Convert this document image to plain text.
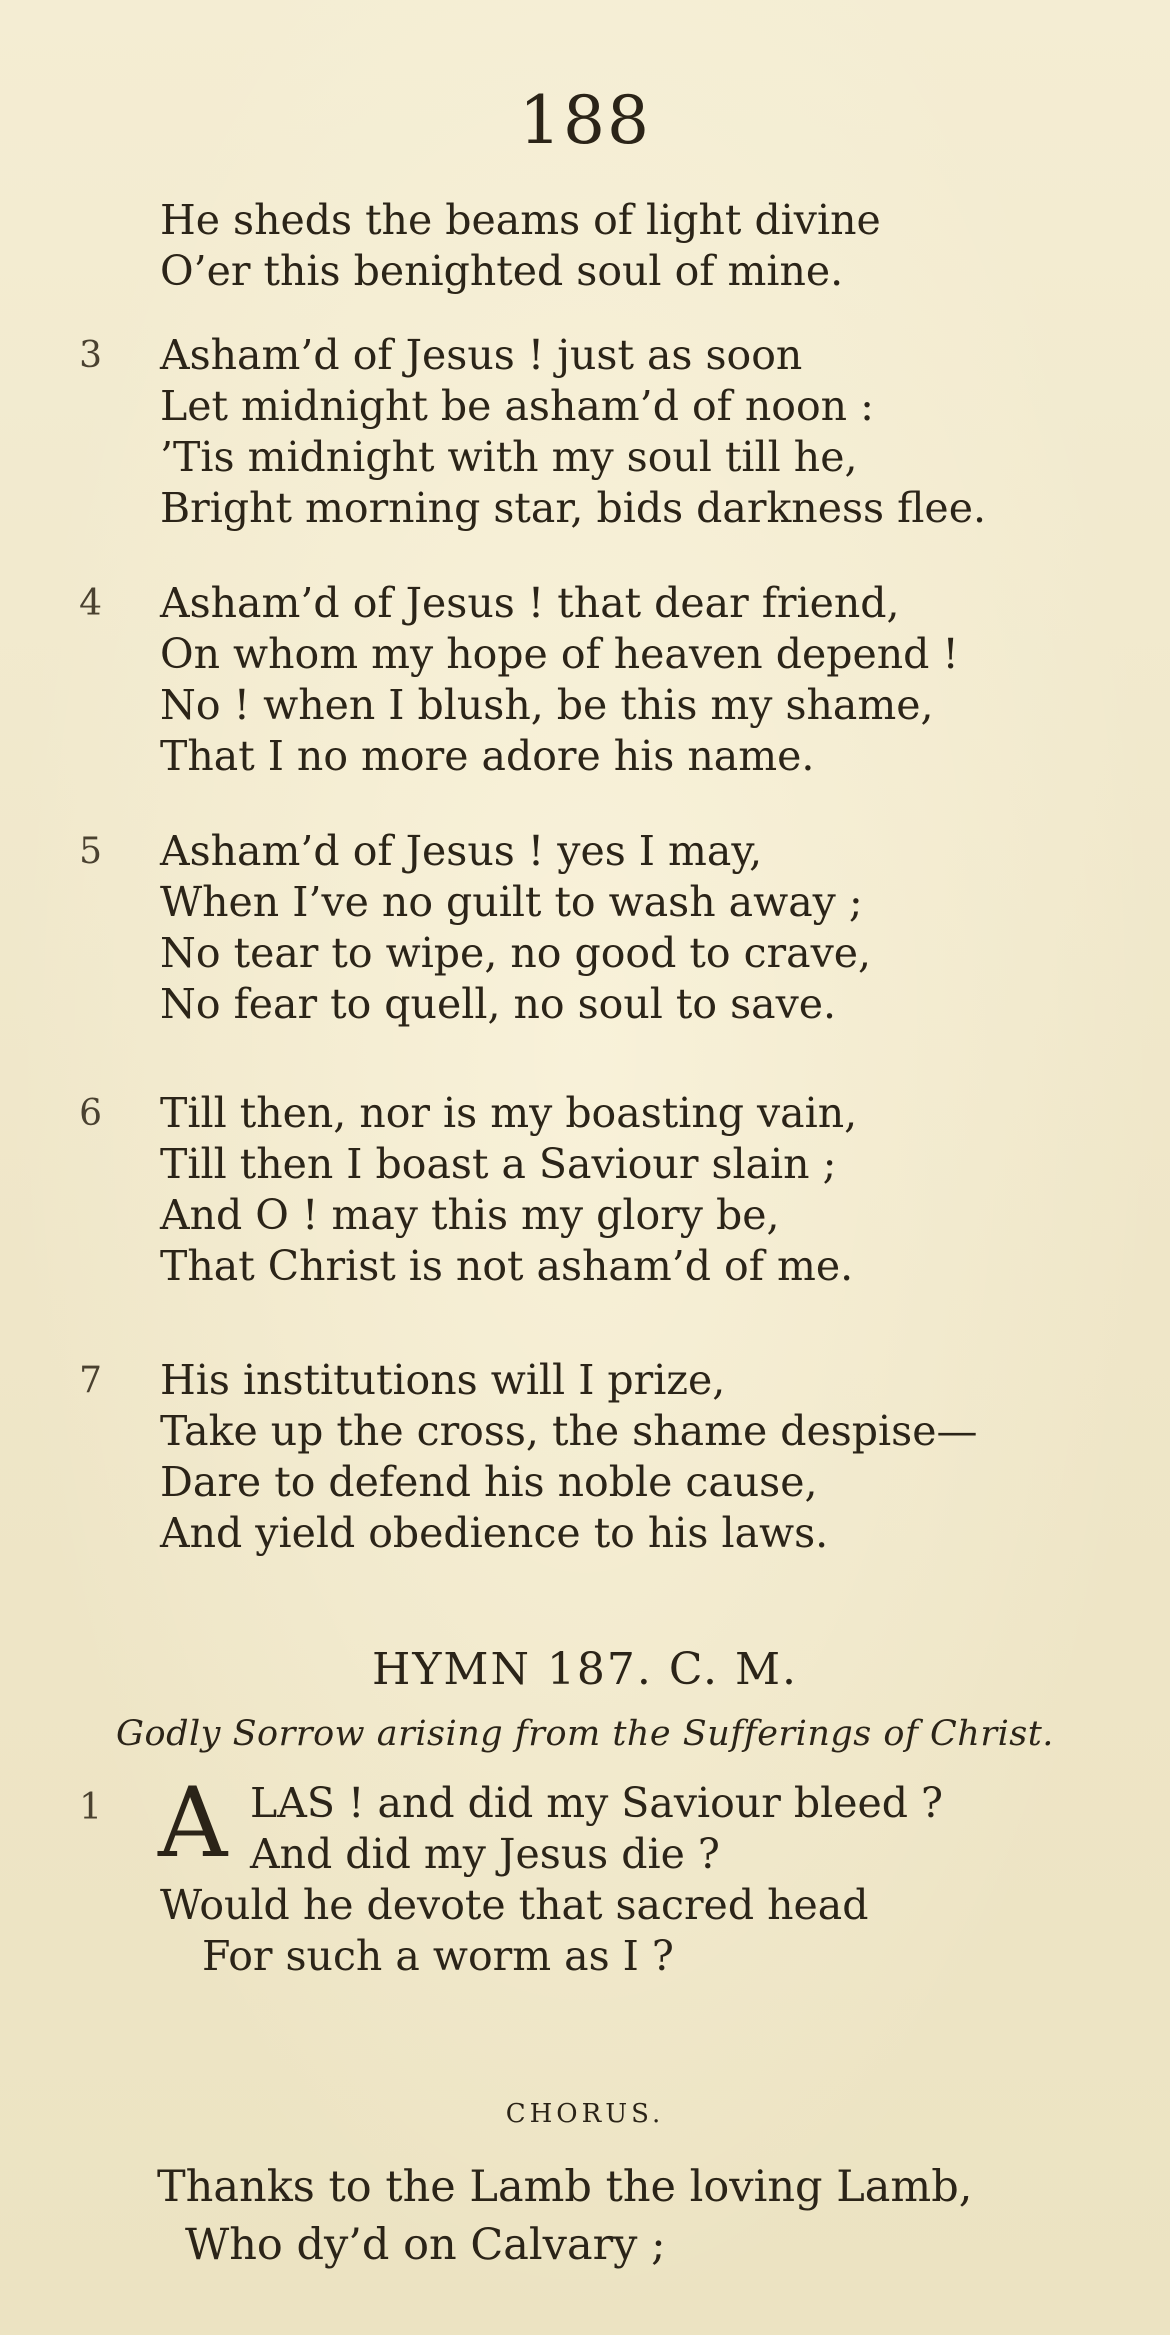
188
He sheds the beams of light divine
O’er this benighted soul of mine.
3 Asham’d of Jesus ! just as soon
Let midnight be asham’d of noon :
’Tis midnight with my soul till he,
Bright morning star, bids darkness flee.
4 Asham’d of Jesus ! that dear friend,
On whom my hope of heaven depend !
No ! when I blush, be this my shame,
That I no more adore his name.
5 Asham’d of Jesus ! yes I may,
When I’ve no guilt to wash away ;
No tear to wipe, no good to crave,
No fear to quell, no soul to save.
6 Till then, nor is my boasting vain,
Till then I boast a Saviour slain ;
And O ! may this my glory be,
That Christ is not asham’d of me.
7 His institutions will I prize,
Take up the cross, the shame despise—
Dare to defend his noble cause,
And yield obedience to his laws.
HYMN 187. C. M.
Godly Sorrow arising from the Sufferings of Christ.
1 A LAS ! and did my Saviour bleed ?
And did my Jesus die ?
Would he devote that sacred head
For such a worm as I ?
CHORUS.
Thanks to the Lamb the loving Lamb,
Who dy’d on Calvary ;
